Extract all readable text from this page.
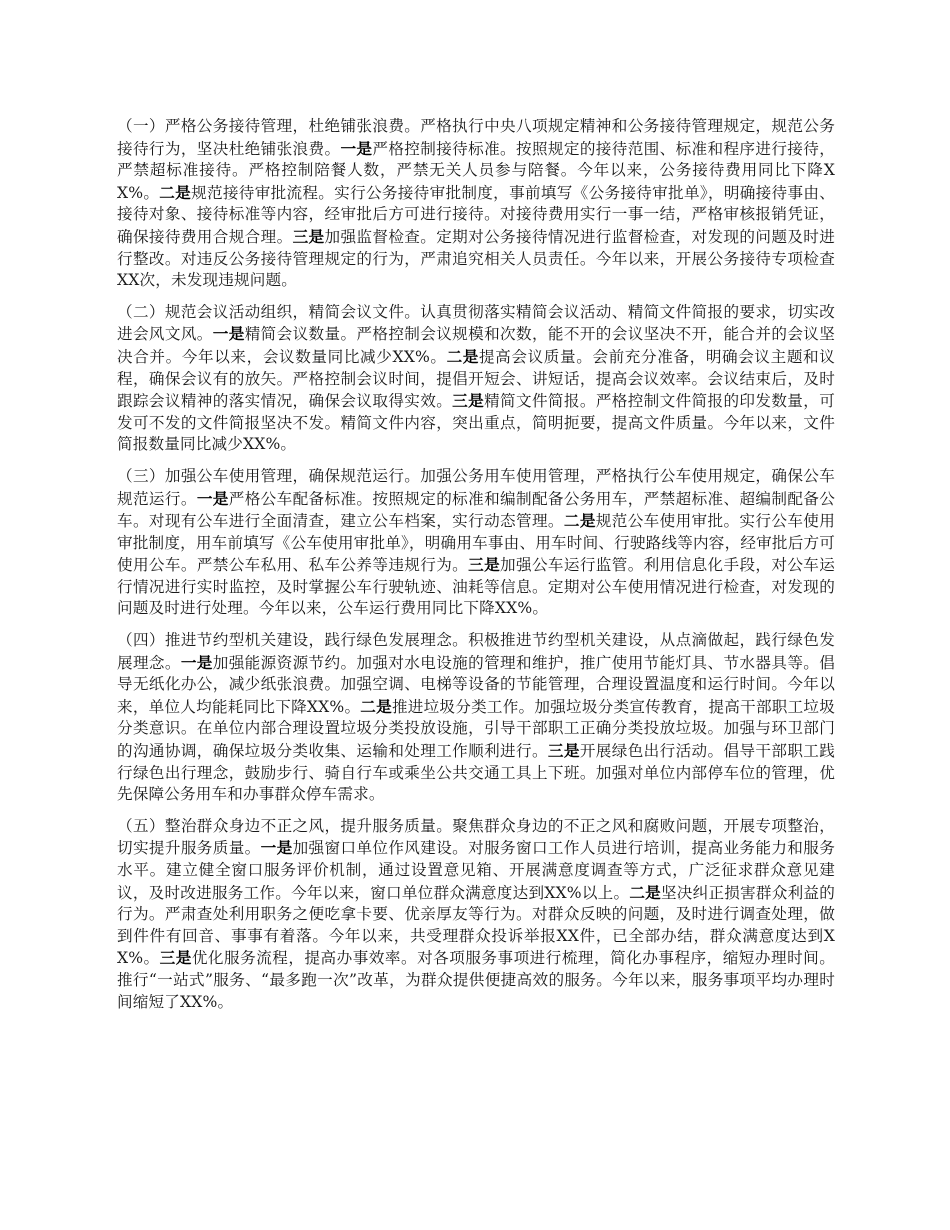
（一）严格公务接待管理，杜绝铺张浪费。严格执行中央八项规定精神和公务接待管理规定，规范公务接待行为，坚决杜绝铺张浪费。一是严格控制接待标准。按照规定的接待范围、标准和程序进行接待，严禁超标准接待。严格控制陪餐人数，严禁无关人员参与陪餐。今年以来，公务接待费用同比下降XX%。二是规范接待审批流程。实行公务接待审批制度，事前填写《公务接待审批单》，明确接待事由、接待对象、接待标准等内容，经审批后方可进行接待。对接待费用实行一事一结，严格审核报销凭证，确保接待费用合规合理。三是加强监督检查。定期对公务接待情况进行监督检查，对发现的问题及时进行整改。对违反公务接待管理规定的行为，严肃追究相关人员责任。今年以来，开展公务接待专项检查XX次，未发现违规问题。

（二）规范会议活动组织，精简会议文件。认真贯彻落实精简会议活动、精简文件简报的要求，切实改进会风文风。一是精简会议数量。严格控制会议规模和次数，能不开的会议坚决不开，能合并的会议坚决合并。今年以来，会议数量同比减少XX%。二是提高会议质量。会前充分准备，明确会议主题和议程，确保会议有的放矢。严格控制会议时间，提倡开短会、讲短话，提高会议效率。会议结束后，及时跟踪会议精神的落实情况，确保会议取得实效。三是精简文件简报。严格控制文件简报的印发数量，可发可不发的文件简报坚决不发。精简文件内容，突出重点，简明扼要，提高文件质量。今年以来，文件简报数量同比减少XX%。

（三）加强公车使用管理，确保规范运行。加强公务用车使用管理，严格执行公车使用规定，确保公车规范运行。一是严格公车配备标准。按照规定的标准和编制配备公务用车，严禁超标准、超编制配备公车。对现有公车进行全面清查，建立公车档案，实行动态管理。二是规范公车使用审批。实行公车使用审批制度，用车前填写《公车使用审批单》，明确用车事由、用车时间、行驶路线等内容，经审批后方可使用公车。严禁公车私用、私车公养等违规行为。三是加强公车运行监管。利用信息化手段，对公车运行情况进行实时监控，及时掌握公车行驶轨迹、油耗等信息。定期对公车使用情况进行检查，对发现的问题及时进行处理。今年以来，公车运行费用同比下降XX%。

（四）推进节约型机关建设，践行绿色发展理念。积极推进节约型机关建设，从点滴做起，践行绿色发展理念。一是加强能源资源节约。加强对水电设施的管理和维护，推广使用节能灯具、节水器具等。倡导无纸化办公，减少纸张浪费。加强空调、电梯等设备的节能管理，合理设置温度和运行时间。今年以来，单位人均能耗同比下降XX%。二是推进垃圾分类工作。加强垃圾分类宣传教育，提高干部职工垃圾分类意识。在单位内部合理设置垃圾分类投放设施，引导干部职工正确分类投放垃圾。加强与环卫部门的沟通协调，确保垃圾分类收集、运输和处理工作顺利进行。三是开展绿色出行活动。倡导干部职工践行绿色出行理念，鼓励步行、骑自行车或乘坐公共交通工具上下班。加强对单位内部停车位的管理，优先保障公务用车和办事群众停车需求。

（五）整治群众身边不正之风，提升服务质量。聚焦群众身边的不正之风和腐败问题，开展专项整治，切实提升服务质量。一是加强窗口单位作风建设。对服务窗口工作人员进行培训，提高业务能力和服务水平。建立健全窗口服务评价机制，通过设置意见箱、开展满意度调查等方式，广泛征求群众意见建议，及时改进服务工作。今年以来，窗口单位群众满意度达到XX%以上。二是坚决纠正损害群众利益的行为。严肃查处利用职务之便吃拿卡要、优亲厚友等行为。对群众反映的问题，及时进行调查处理，做到件件有回音、事事有着落。今年以来，共受理群众投诉举报XX件，已全部办结，群众满意度达到XX%。三是优化服务流程，提高办事效率。对各项服务事项进行梳理，简化办事程序，缩短办理时间。推行“一站式”服务、“最多跑一次”改革，为群众提供便捷高效的服务。今年以来，服务事项平均办理时间缩短了XX%。
